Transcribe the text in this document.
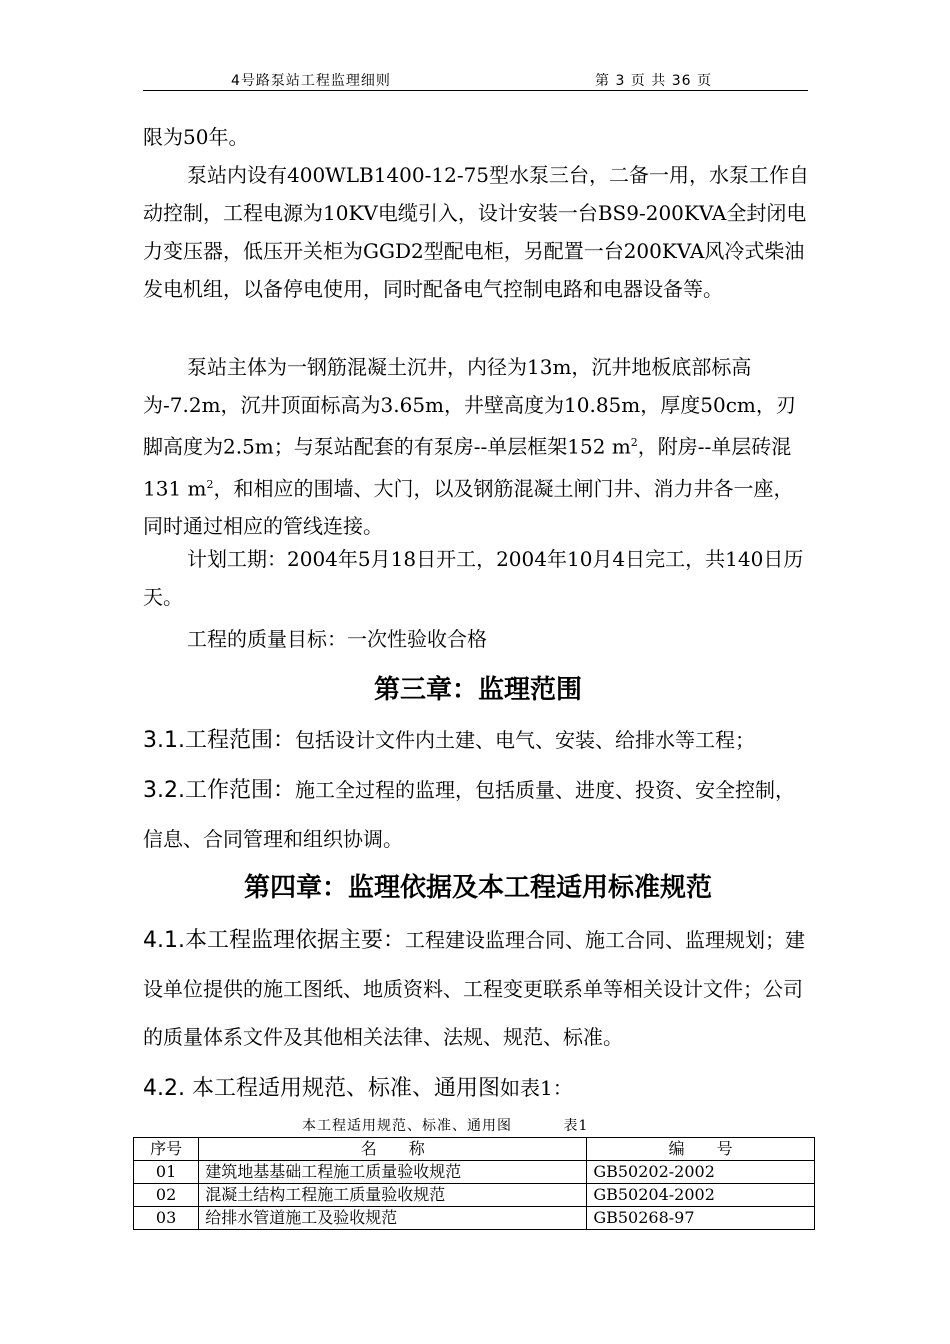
4号路泵站工程监理细则	第 3 页 共 36 页

限为50年。

泵站内设有400WLB1400-12-75型水泵三台，二备一用，水泵工作自动控制，工程电源为10KV电缆引入，设计安装一台BS9-200KVA全封闭电力变压器，低压开关柜为GGD2型配电柜，另配置一台200KVA风冷式柴油发电机组，以备停电使用，同时配备电气控制电路和电器设备等。

泵站主体为一钢筋混凝土沉井，内径为13m，沉井地板底部标高为-7.2m，沉井顶面标高为3.65m，井壁高度为10.85m，厚度50cm，刃脚高度为2.5m；与泵站配套的有泵房--单层框架152 $m^2$，附房--单层砖混131 $m^2$，和相应的围墙、大门，以及钢筋混凝土闸门井、消力井各一座，同时通过相应的管线连接。

计划工期：2004年5月18日开工，2004年10月4日完工，共140日历天。

工程的质量目标：一次性验收合格

第三章：监理范围

3.1.工程范围：包括设计文件内土建、电气、安装、给排水等工程；

3.2.工作范围：施工全过程的监理，包括质量、进度、投资、安全控制，信息、合同管理和组织协调。

第四章：监理依据及本工程适用标准规范

4.1.本工程监理依据主要：工程建设监理合同、施工合同、监理规划；建设单位提供的施工图纸、地质资料、工程变更联系单等相关设计文件；公司的质量体系文件及其他相关法律、法规、规范、标准。

4.2. 本工程适用规范、标准、通用图如表1：

本工程适用规范、标准、通用图	表1
序号	名　　称	编　　号
01	建筑地基基础工程施工质量验收规范	GB50202-2002
02	混凝土结构工程施工质量验收规范	GB50204-2002
03	给排水管道施工及验收规范	GB50268-97
